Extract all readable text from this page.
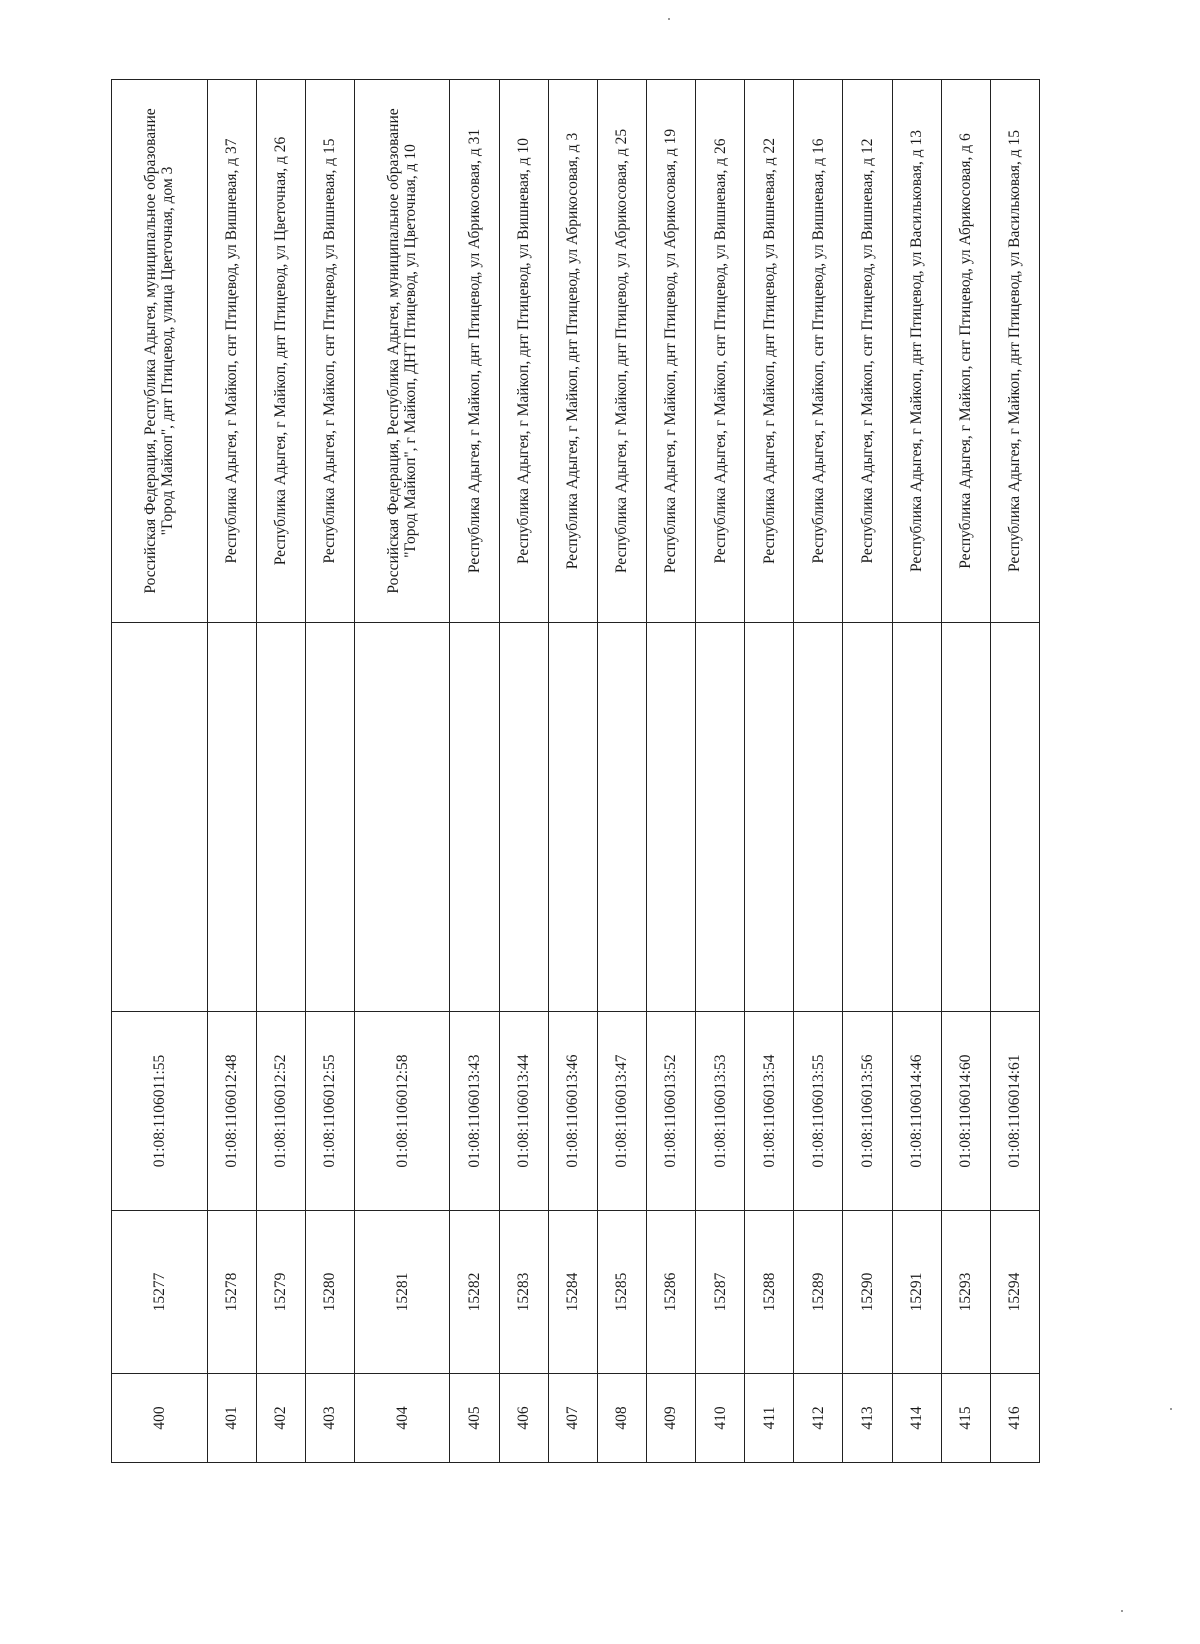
400	15277	01:08:1106011:55		Российская Федерация, Республика Адыгея, муниципальное образование "Город Майкоп", днт Птицевод, улица Цветочная, дом 3
401	15278	01:08:1106012:48		Республика Адыгея, г Майкоп, снт Птицевод, ул Вишневая, д 37
402	15279	01:08:1106012:52		Республика Адыгея, г Майкоп, днт Птицевод, ул Цветочная, д 26
403	15280	01:08:1106012:55		Республика Адыгея, г Майкоп, снт Птицевод, ул Вишневая, д 15
404	15281	01:08:1106012:58		Российская Федерация, Республика Адыгея, муниципальное образование "Город Майкоп", г Майкоп, ДНТ Птицевод, ул Цветочная, д 10
405	15282	01:08:1106013:43		Республика Адыгея, г Майкоп, днт Птицевод, ул Абрикосовая, д 31
406	15283	01:08:1106013:44		Республика Адыгея, г Майкоп, днт Птицевод, ул Вишневая, д 10
407	15284	01:08:1106013:46		Республика Адыгея, г Майкоп, днт Птицевод, ул Абрикосовая, д 3
408	15285	01:08:1106013:47		Республика Адыгея, г Майкоп, днт Птицевод, ул Абрикосовая, д 25
409	15286	01:08:1106013:52		Республика Адыгея, г Майкоп, днт Птицевод, ул Абрикосовая, д 19
410	15287	01:08:1106013:53		Республика Адыгея, г Майкоп, снт Птицевод, ул Вишневая, д 26
411	15288	01:08:1106013:54		Республика Адыгея, г Майкоп, днт Птицевод, ул Вишневая, д 22
412	15289	01:08:1106013:55		Республика Адыгея, г Майкоп, снт Птицевод, ул Вишневая, д 16
413	15290	01:08:1106013:56		Республика Адыгея, г Майкоп, снт Птицевод, ул Вишневая, д 12
414	15291	01:08:1106014:46		Республика Адыгея, г Майкоп, днт Птицевод, ул Васильковая, д 13
415	15293	01:08:1106014:60		Республика Адыгея, г Майкоп, снт Птицевод, ул Абрикосовая, д 6
416	15294	01:08:1106014:61		Республика Адыгея, г Майкоп, днт Птицевод, ул Васильковая, д 15
